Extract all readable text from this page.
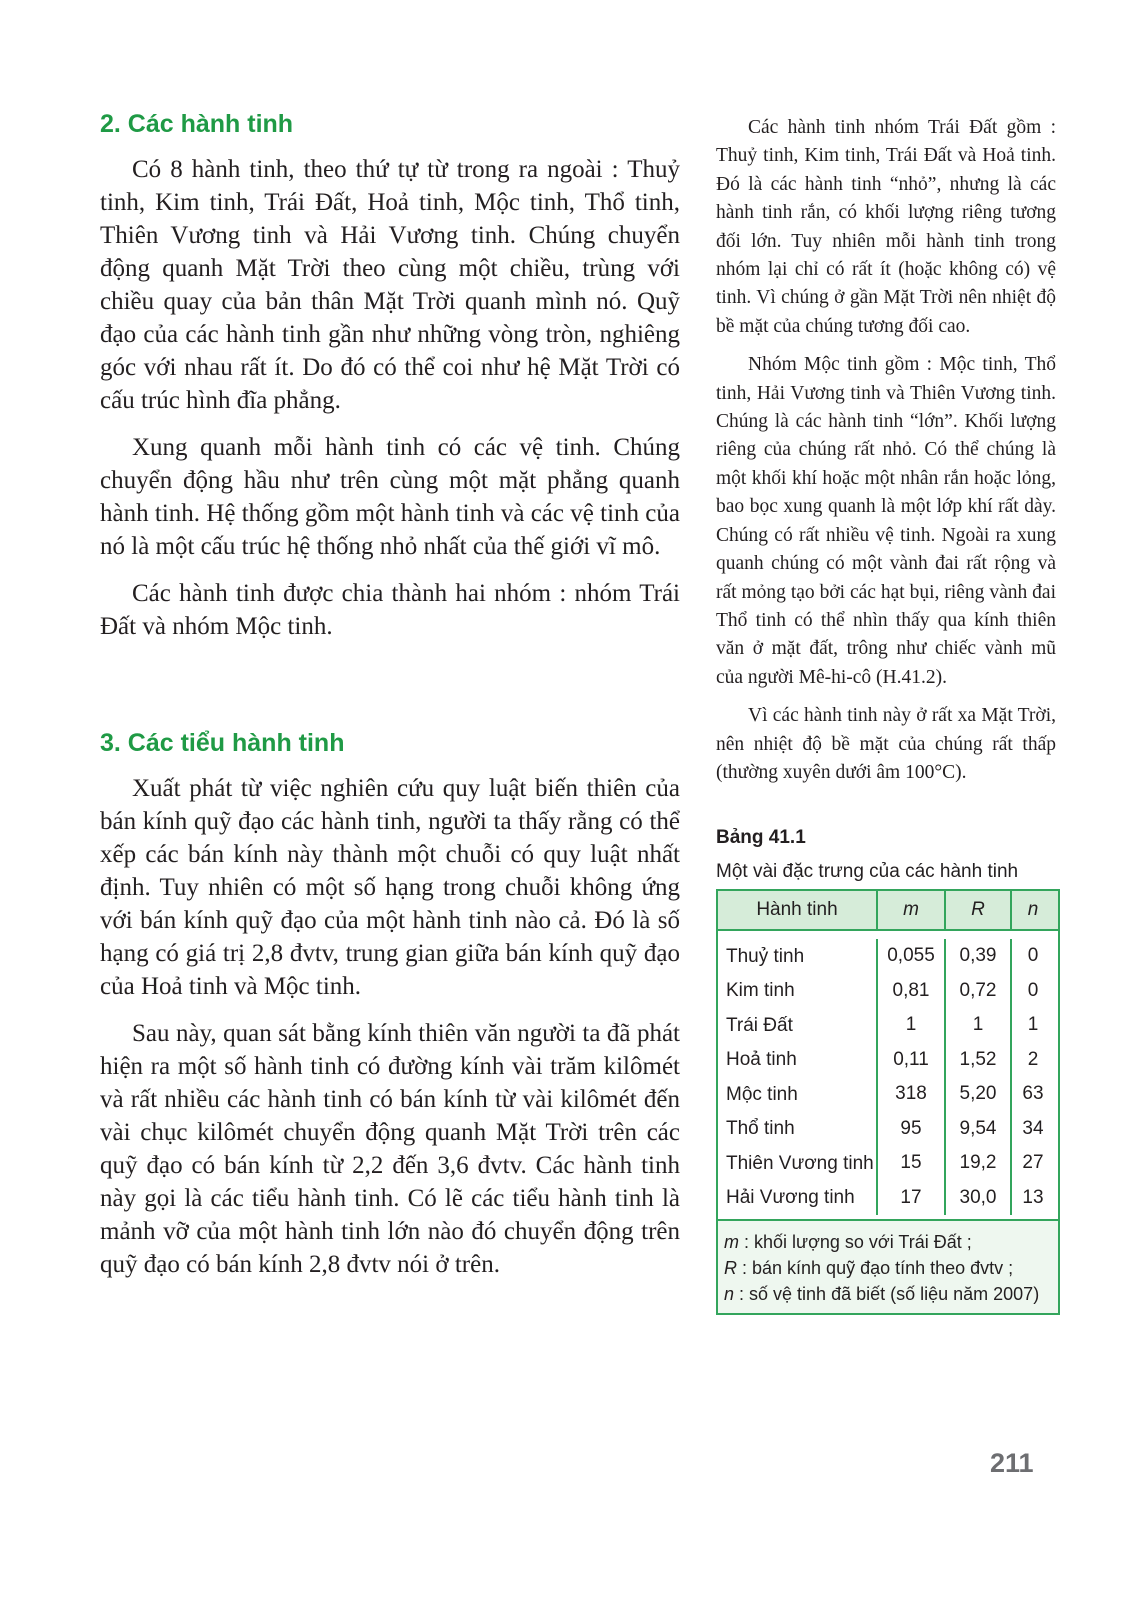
2. Các hành tinh

Có 8 hành tinh, theo thứ tự từ trong ra ngoài : Thuỷ tinh, Kim tinh, Trái Đất, Hoả tinh, Mộc tinh, Thổ tinh, Thiên Vương tinh và Hải Vương tinh. Chúng chuyển động quanh Mặt Trời theo cùng một chiều, trùng với chiều quay của bản thân Mặt Trời quanh mình nó. Quỹ đạo của các hành tinh gần như những vòng tròn, nghiêng góc với nhau rất ít. Do đó có thể coi như hệ Mặt Trời có cấu trúc hình đĩa phẳng.

Xung quanh mỗi hành tinh có các vệ tinh. Chúng chuyển động hầu như trên cùng một mặt phẳng quanh hành tinh. Hệ thống gồm một hành tinh và các vệ tinh của nó là một cấu trúc hệ thống nhỏ nhất của thế giới vĩ mô.

Các hành tinh được chia thành hai nhóm : nhóm Trái Đất và nhóm Mộc tinh.

3. Các tiểu hành tinh

Xuất phát từ việc nghiên cứu quy luật biến thiên của bán kính quỹ đạo các hành tinh, người ta thấy rằng có thể xếp các bán kính này thành một chuỗi có quy luật nhất định. Tuy nhiên có một số hạng trong chuỗi không ứng với bán kính quỹ đạo của một hành tinh nào cả. Đó là số hạng có giá trị 2,8 đvtv, trung gian giữa bán kính quỹ đạo của Hoả tinh và Mộc tinh.

Sau này, quan sát bằng kính thiên văn người ta đã phát hiện ra một số hành tinh có đường kính vài trăm kilômét và rất nhiều các hành tinh có bán kính từ vài kilômét đến vài chục kilômét chuyển động quanh Mặt Trời trên các quỹ đạo có bán kính từ 2,2 đến 3,6 đvtv. Các hành tinh này gọi là các tiểu hành tinh. Có lẽ các tiểu hành tinh là mảnh vỡ của một hành tinh lớn nào đó chuyển động trên quỹ đạo có bán kính 2,8 đvtv nói ở trên.

Các hành tinh nhóm Trái Đất gồm : Thuỷ tinh, Kim tinh, Trái Đất và Hoả tinh. Đó là các hành tinh “nhỏ”, nhưng là các hành tinh rắn, có khối lượng riêng tương đối lớn. Tuy nhiên mỗi hành tinh trong nhóm lại chỉ có rất ít (hoặc không có) vệ tinh. Vì chúng ở gần Mặt Trời nên nhiệt độ bề mặt của chúng tương đối cao.

Nhóm Mộc tinh gồm : Mộc tinh, Thổ tinh, Hải Vương tinh và Thiên Vương tinh. Chúng là các hành tinh “lớn”. Khối lượng riêng của chúng rất nhỏ. Có thể chúng là một khối khí hoặc một nhân rắn hoặc lỏng, bao bọc xung quanh là một lớp khí rất dày. Chúng có rất nhiều vệ tinh. Ngoài ra xung quanh chúng có một vành đai rất rộng và rất mỏng tạo bởi các hạt bụi, riêng vành đai Thổ tinh có thể nhìn thấy qua kính thiên văn ở mặt đất, trông như chiếc vành mũ của người Mê-hi-cô (H.41.2).

Vì các hành tinh này ở rất xa Mặt Trời, nên nhiệt độ bề mặt của chúng rất thấp (thường xuyên dưới âm 100°C).

Bảng 41.1
Một vài đặc trưng của các hành tinh
Hành tinh	m	R	n
Thuỷ tinh	0,055	0,39	0
Kim tinh	0,81	0,72	0
Trái Đất	1	1	1
Hoả tinh	0,11	1,52	2
Mộc tinh	318	5,20	63
Thổ tinh	95	9,54	34
Thiên Vương tinh	15	19,2	27
Hải Vương tinh	17	30,0	13
m : khối lượng so với Trái Đất ;
R : bán kính quỹ đạo tính theo đvtv ;
n : số vệ tinh đã biết (số liệu năm 2007)
211
